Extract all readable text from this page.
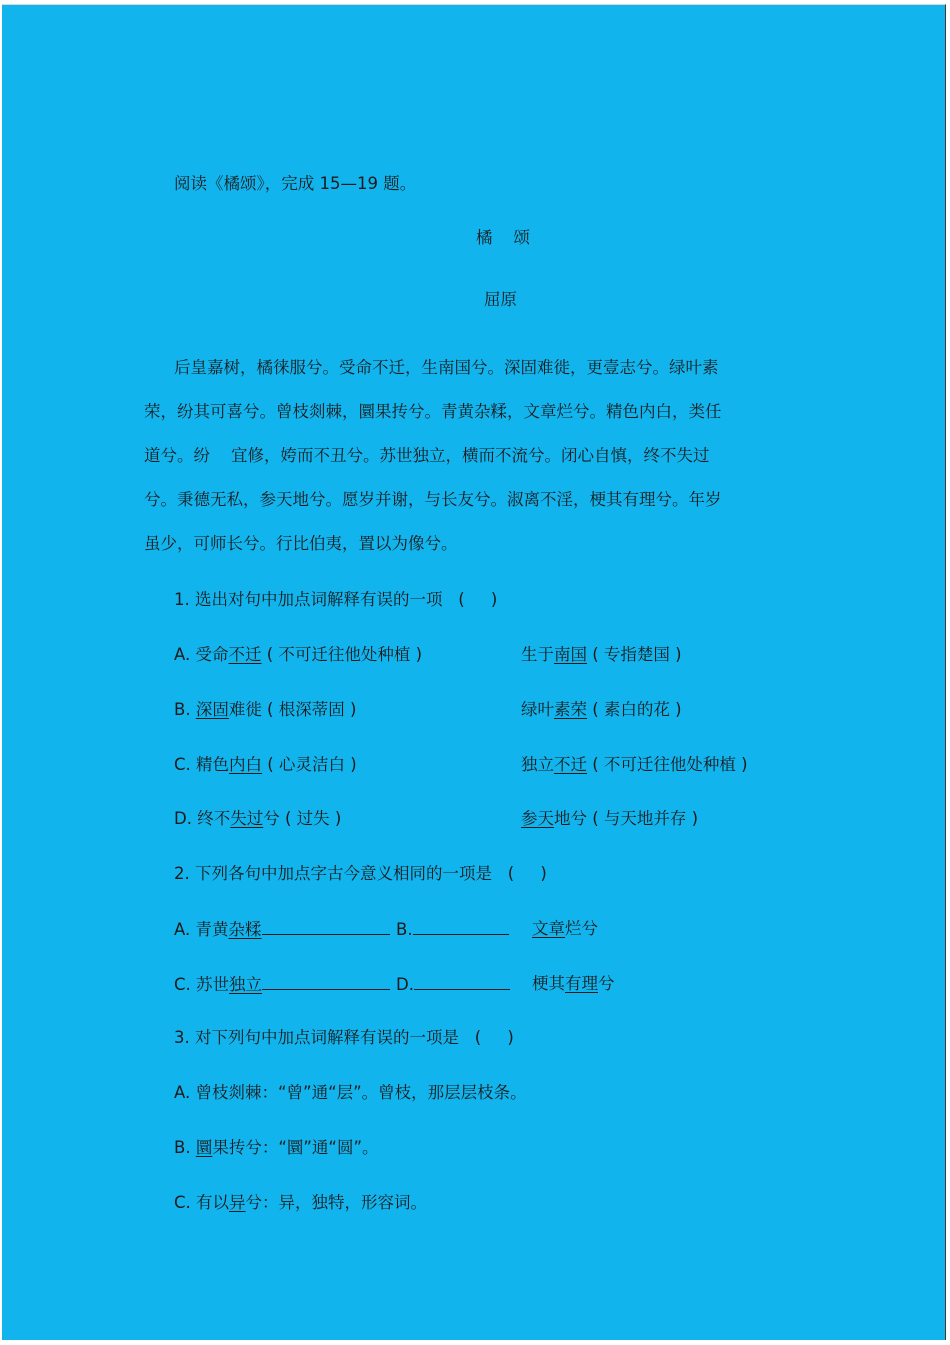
阅读《橘颂》，完成 15—19 题。
橘    颂
屈原
后皇嘉树，橘徕服兮。受命不迁，生南国兮。深固难徙，更壹志兮。绿叶素
荣，纷其可喜兮。曾枝剡棘，圜果抟兮。青黄杂糅，文章烂兮。精色内白，类任
道兮。纷    宜修，姱而不丑兮。苏世独立，横而不流兮。闭心自慎，终不失过
兮。秉德无私，参天地兮。愿岁并谢，与长友兮。淑离不淫，梗其有理兮。年岁
虽少，可师长兮。行比伯夷，置以为像兮。
1. 选出对句中加点词解释有误的一项   (     )
A. 受命不迁 ( 不可迁往他处种植 )	生于南国 ( 专指楚国 )
B. 深固难徙 ( 根深蒂固 )	绿叶素荣 ( 素白的花 )
C. 精色内白 ( 心灵洁白 )	独立不迁 ( 不可迁往他处种植 )
D. 终不失过兮 ( 过失 )	参天地兮 ( 与天地并存 )
2. 下列各句中加点字古今意义相同的一项是   (     )
A. 青黄杂糅	B.	文章烂兮
C. 苏世独立	D.	梗其有理兮
3. 对下列句中加点词解释有误的一项是   (     )
A. 曾枝剡棘：“曾”通“层”。曾枝，那层层枝条。
B. 圜果抟兮：“圜”通“圆”。
C. 有以异兮：异，独特，形容词。
